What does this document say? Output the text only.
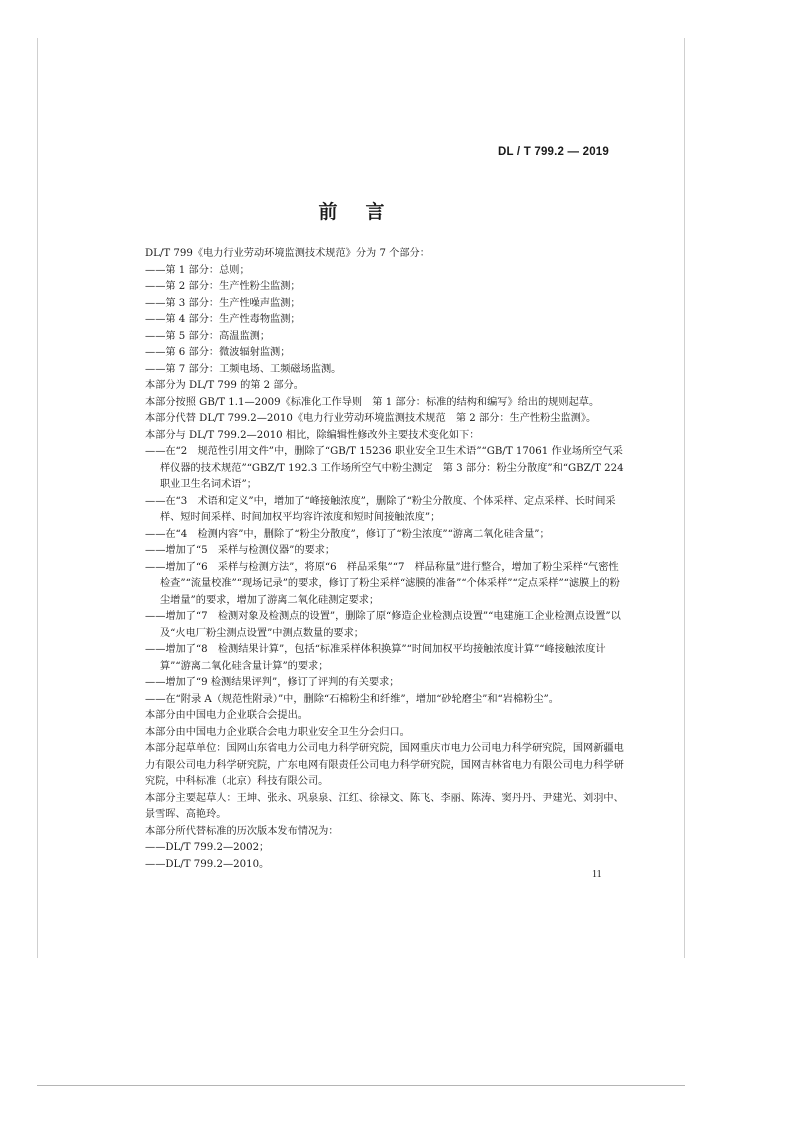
DL / T 799.2 — 2019
前言

DL/T 799《电力行业劳动环境监测技术规范》分为 7 个部分：

——第 1 部分：总则；

——第 2 部分：生产性粉尘监测；

——第 3 部分：生产性噪声监测；

——第 4 部分：生产性毒物监测；

——第 5 部分：高温监测；

——第 6 部分：微波辐射监测；

——第 7 部分：工频电场、工频磁场监测。

本部分为 DL/T 799 的第 2 部分。

本部分按照 GB/T 1.1—2009《标准化工作导则　第 1 部分：标准的结构和编写》给出的规则起草。

本部分代替 DL/T 799.2—2010《电力行业劳动环境监测技术规范　第 2 部分：生产性粉尘监测》。

本部分与 DL/T 799.2—2010 相比，除编辑性修改外主要技术变化如下：

——在“2　规范性引用文件”中，删除了“GB/T 15236 职业安全卫生术语”“GB/T 17061 作业场所空气采样仪器的技术规范”“GBZ/T 192.3 工作场所空气中粉尘测定　第 3 部分：粉尘分散度”和“GBZ/T 224 职业卫生名词术语”；

——在“3　术语和定义”中，增加了“峰接触浓度”，删除了“粉尘分散度、个体采样、定点采样、长时间采样、短时间采样、时间加权平均容许浓度和短时间接触浓度”；

——在“4　检测内容”中，删除了“粉尘分散度”，修订了“粉尘浓度”“游离二氧化硅含量”；

——增加了“5　采样与检测仪器”的要求；

——增加了“6　采样与检测方法”，将原“6　样品采集”“7　样品称量”进行整合，增加了粉尘采样“气密性检查”“流量校准”“现场记录”的要求，修订了粉尘采样“滤膜的准备”“个体采样”“定点采样”“滤膜上的粉尘增量”的要求，增加了游离二氧化硅测定要求；

——增加了“7　检测对象及检测点的设置”，删除了原“修造企业检测点设置”“电建施工企业检测点设置”以及“火电厂粉尘测点设置”中测点数量的要求；

——增加了“8　检测结果计算”，包括“标准采样体积换算”“时间加权平均接触浓度计算”“峰接触浓度计算”“游离二氧化硅含量计算”的要求；

——增加了“9 检测结果评判”，修订了评判的有关要求；

——在“附录 A（规范性附录）”中，删除“石棉粉尘和纤维”，增加“砂轮磨尘”和“岩棉粉尘”。

本部分由中国电力企业联合会提出。

本部分由中国电力企业联合会电力职业安全卫生分会归口。

本部分起草单位：国网山东省电力公司电力科学研究院，国网重庆市电力公司电力科学研究院，国网新疆电力有限公司电力科学研究院，广东电网有限责任公司电力科学研究院，国网吉林省电力有限公司电力科学研究院，中科标准（北京）科技有限公司。

本部分主要起草人：王坤、张永、巩泉泉、江红、徐禄文、陈飞、李丽、陈涛、窦丹丹、尹建光、刘羽中、景雪晖、高艳玲。

本部分所代替标准的历次版本发布情况为：

——DL/T 799.2—2002；

——DL/T 799.2—2010。

11
